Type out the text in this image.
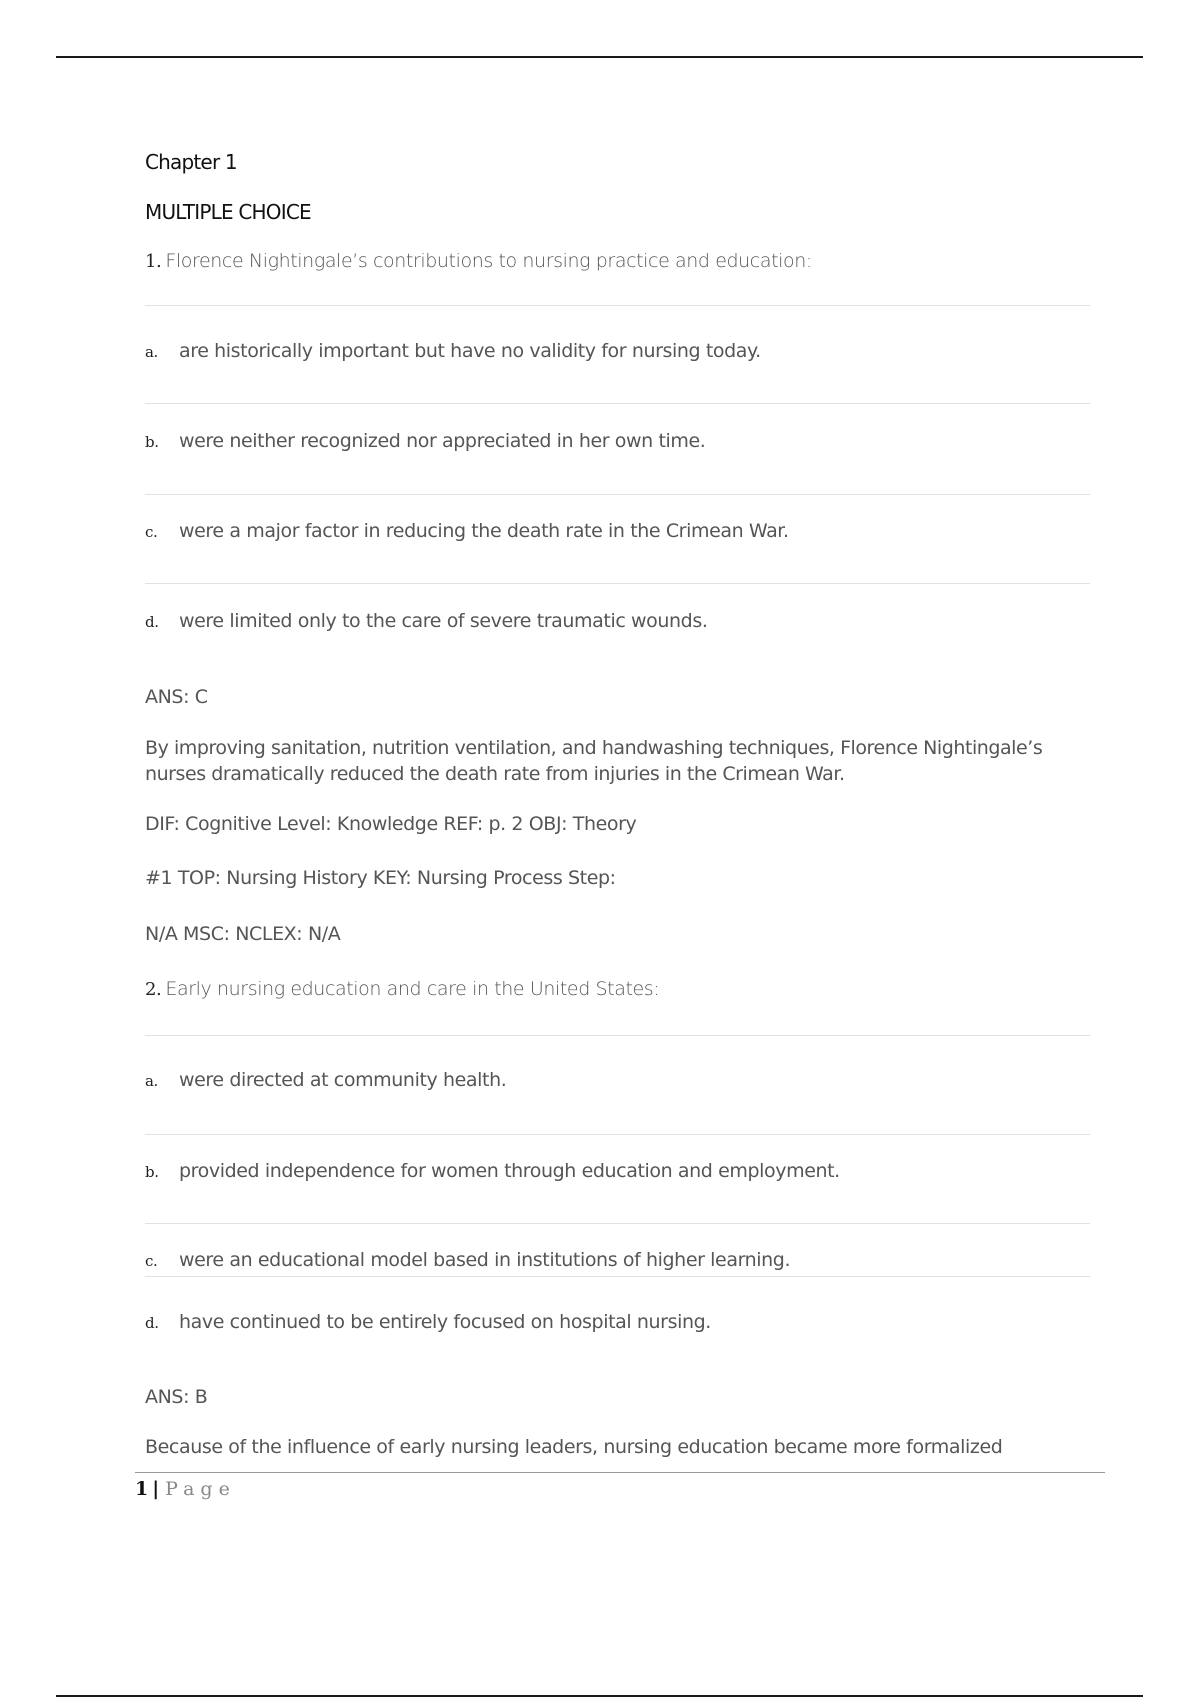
Chapter 1
MULTIPLE CHOICE
1. Florence Nightingale’s contributions to nursing practice and education:
a. are historically important but have no validity for nursing today.
b. were neither recognized nor appreciated in her own time.
c. were a major factor in reducing the death rate in the Crimean War.
d. were limited only to the care of severe traumatic wounds.
ANS: C
By improving sanitation, nutrition ventilation, and handwashing techniques, Florence Nightingale’s nurses dramatically reduced the death rate from injuries in the Crimean War.
DIF: Cognitive Level: Knowledge REF: p. 2 OBJ: Theory
#1 TOP: Nursing History KEY: Nursing Process Step:
N/A MSC: NCLEX: N/A
2. Early nursing education and care in the United States:
a. were directed at community health.
b. provided independence for women through education and employment.
c. were an educational model based in institutions of higher learning.
d. have continued to be entirely focused on hospital nursing.
ANS: B
Because of the influence of early nursing leaders, nursing education became more formalized
1 | Page
